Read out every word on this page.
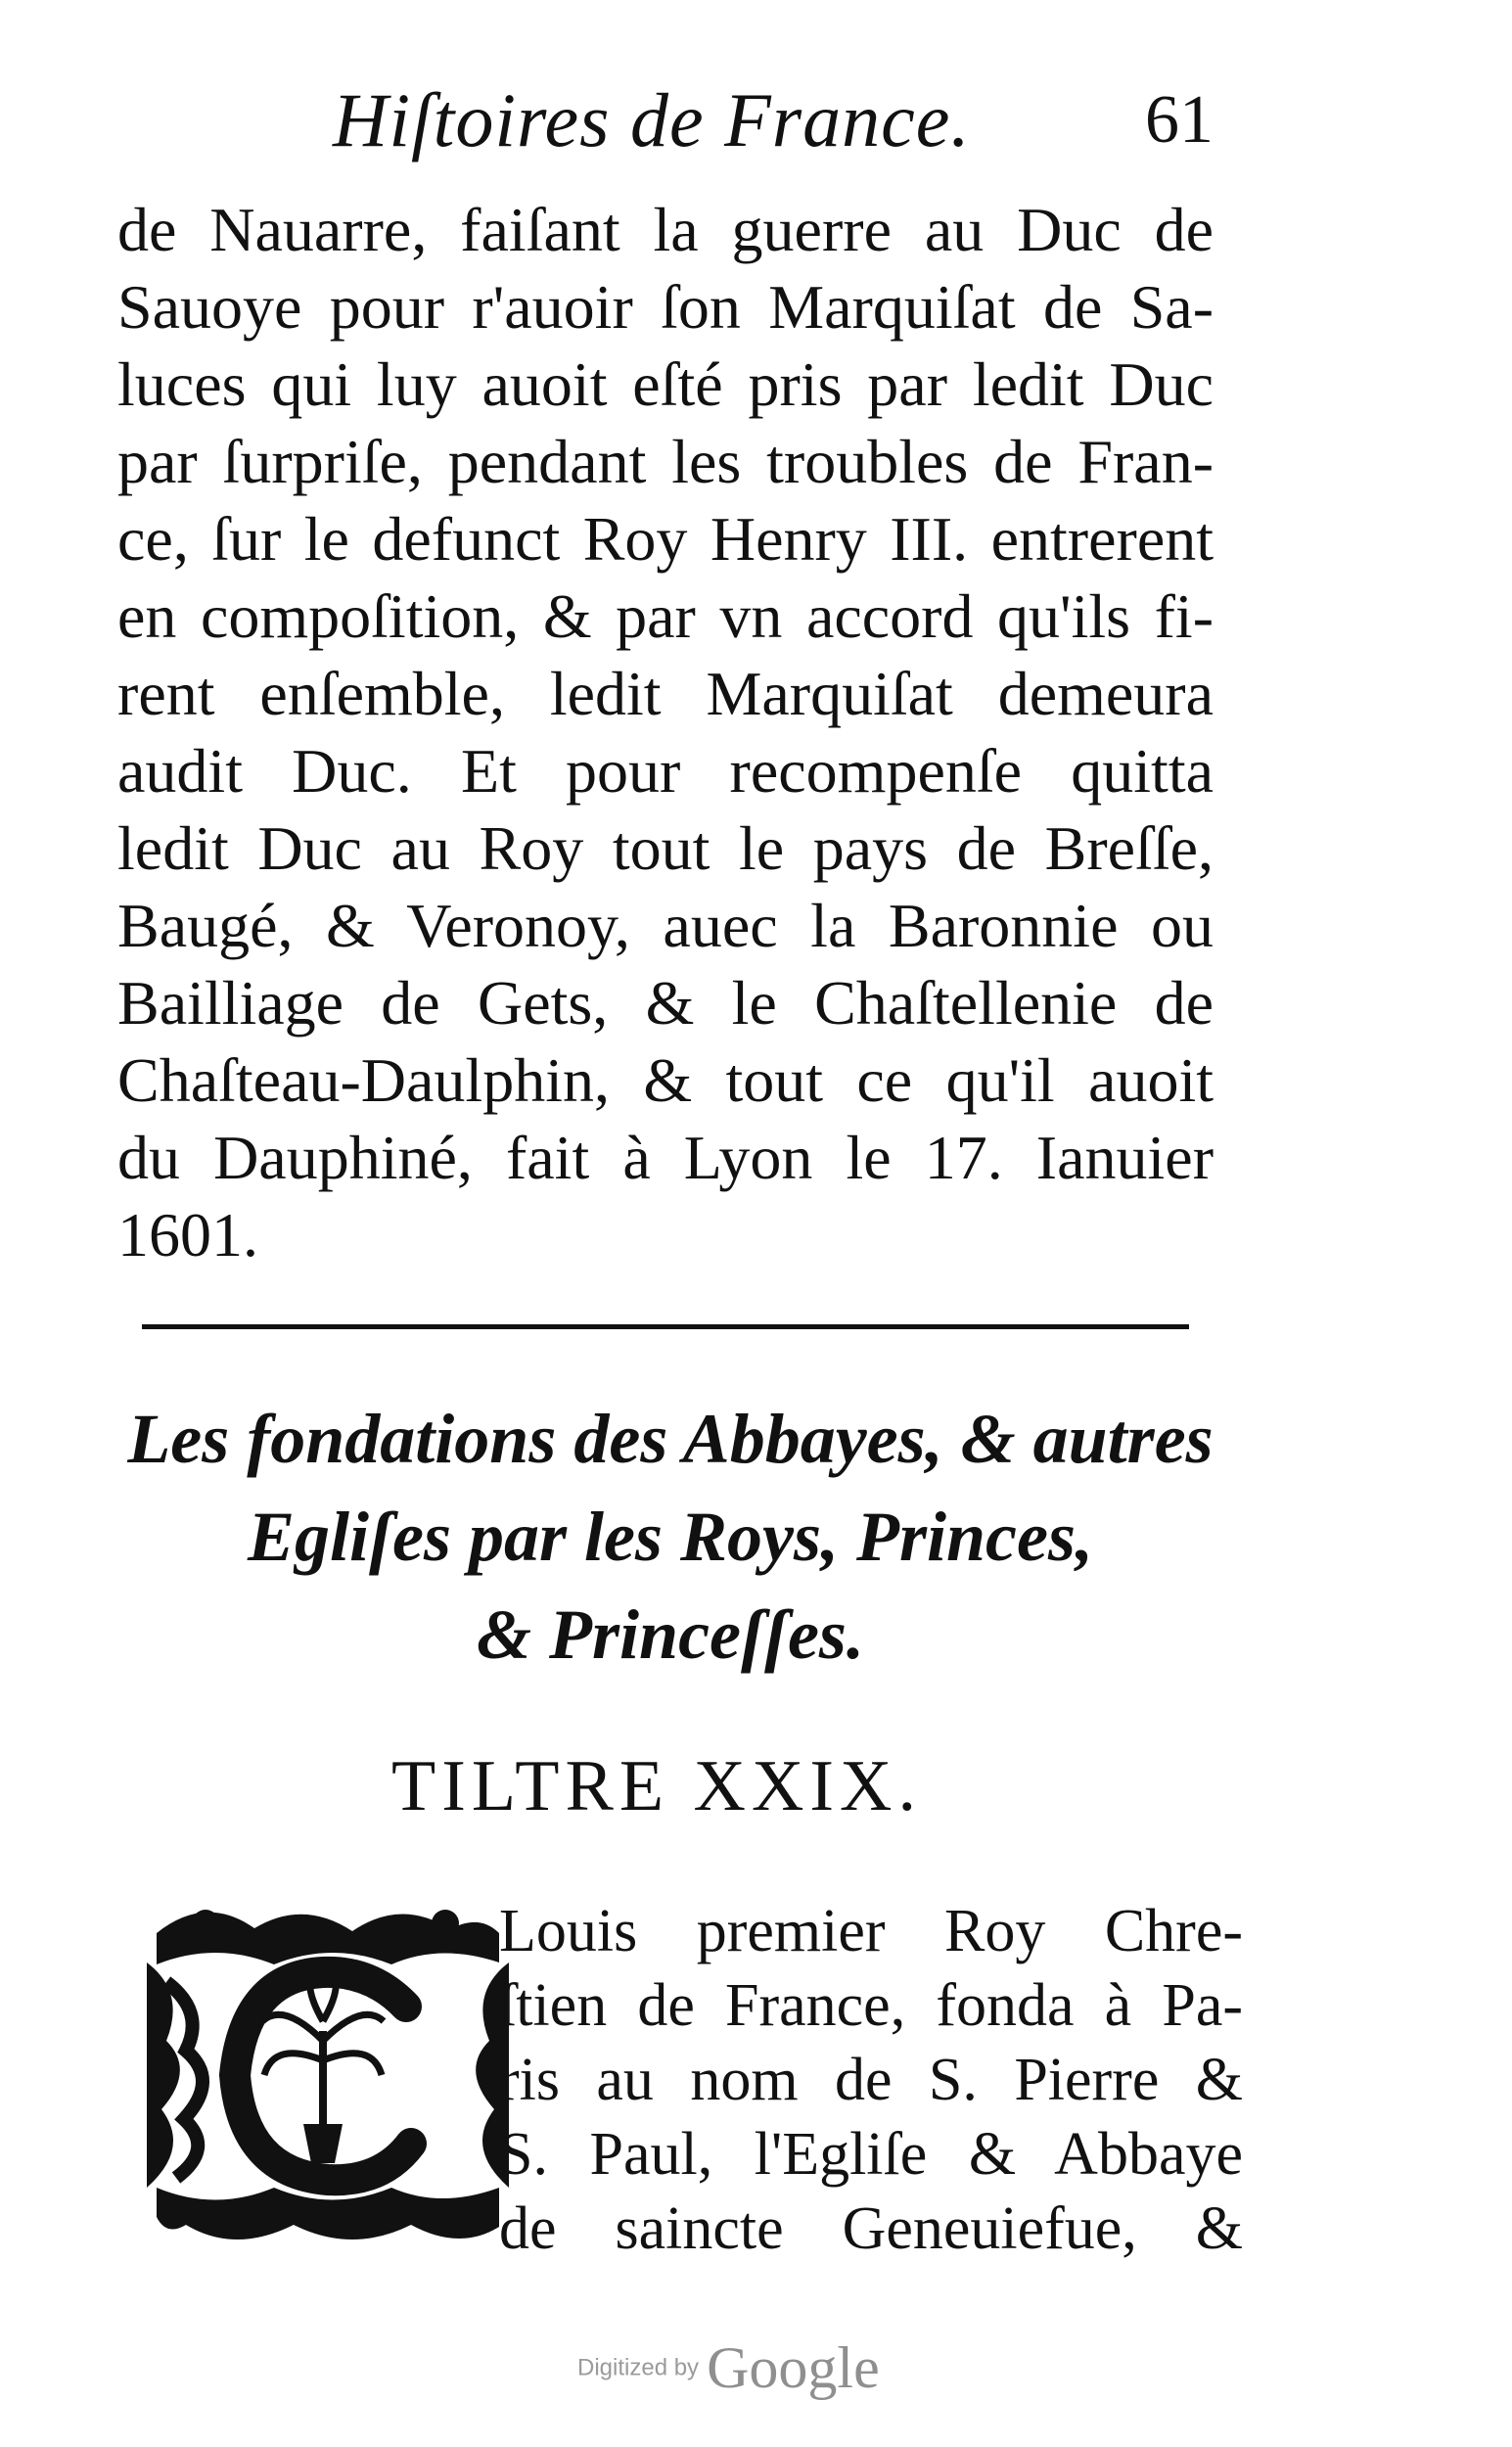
Hiſtoires de France.	61
de Nauarre, faiſant la guerre au Duc de
Sauoye pour r'auoir ſon Marquiſat de Sa-
luces qui luy auoit eſté pris par ledit Duc
par ſurpriſe, pendant les troubles de Fran-
ce, ſur le defunct Roy Henry III. entrerent
en compoſition, & par vn accord qu'ils fi-
rent enſemble, ledit Marquiſat demeura
audit Duc. Et pour recompenſe quitta
ledit Duc au Roy tout le pays de Breſſe,
Baugé, & Veronoy, auec la Baronnie ou
Bailliage de Gets, & le Chaſtellenie de
Chaſteau-Daulphin, & tout ce qu'il auoit
du Dauphiné, fait à Lyon le 17. Ianuier
1601.
Les fondations des Abbayes, & autres
Egliſes par les Roys, Princes,
& Princeſſes.
TILTRE XXIX.
Louis premier Roy Chre-
ſtien de France, fonda à Pa-
ris au nom de S. Pierre &
S. Paul, l'Egliſe & Abbaye
de saincte Geneuiefue, &
Digitized by Google
